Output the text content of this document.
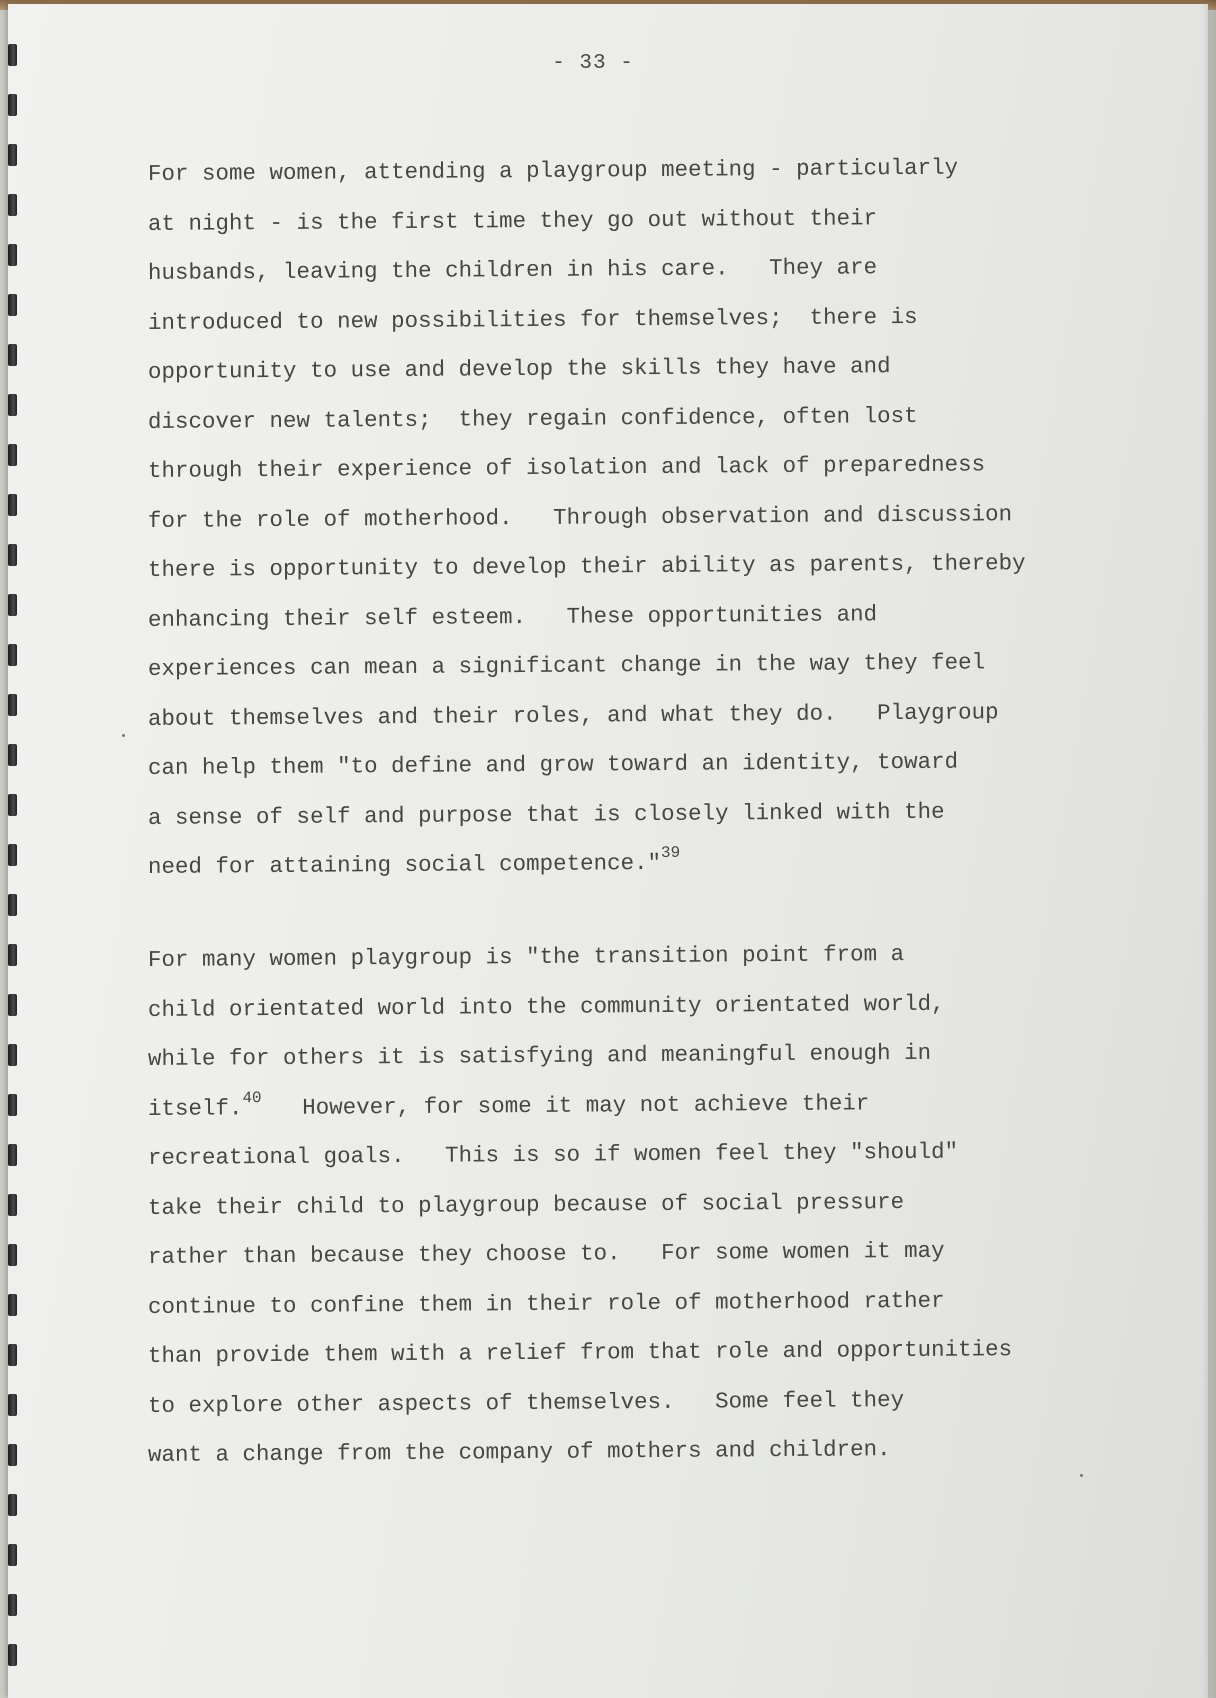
- 33 -
For some women, attending a playgroup meeting - particularly
at night - is the first time they go out without their
husbands, leaving the children in his care.   They are
introduced to new possibilities for themselves;  there is
opportunity to use and develop the skills they have and
discover new talents;  they regain confidence, often lost
through their experience of isolation and lack of preparedness
for the role of motherhood.   Through observation and discussion
there is opportunity to develop their ability as parents, thereby
enhancing their self esteem.   These opportunities and
experiences can mean a significant change in the way they feel
about themselves and their roles, and what they do.   Playgroup
can help them "to define and grow toward an identity, toward
a sense of self and purpose that is closely linked with the
need for attaining social competence."$^{39}$
For many women playgroup is "the transition point from a
child orientated world into the community orientated world,
while for others it is satisfying and meaningful enough in
itself.$^{40}$   However, for some it may not achieve their
recreational goals.   This is so if women feel they "should"
take their child to playgroup because of social pressure
rather than because they choose to.   For some women it may
continue to confine them in their role of motherhood rather
than provide them with a relief from that role and opportunities
to explore other aspects of themselves.   Some feel they
want a change from the company of mothers and children.
